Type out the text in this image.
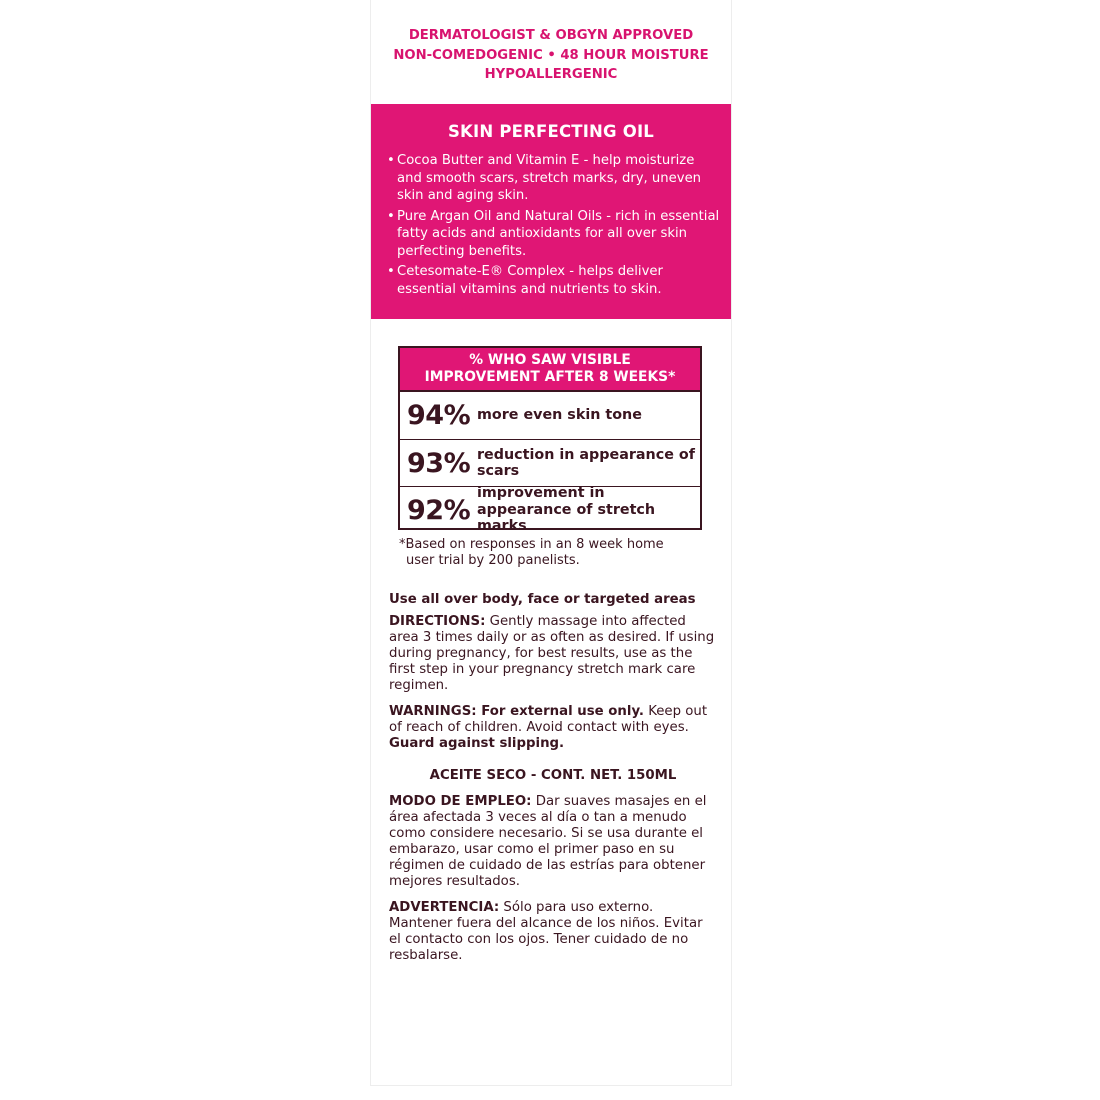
DERMATOLOGIST & OBGYN APPROVED
NON-COMEDOGENIC • 48 HOUR MOISTURE
HYPOALLERGENIC
SKIN PERFECTING OIL
• Cocoa Butter and Vitamin E - help moisturize and smooth scars, stretch marks, dry, uneven skin and aging skin.
• Pure Argan Oil and Natural Oils - rich in essential fatty acids and antioxidants for all over skin perfecting benefits.
• Cetesomate-E® Complex - helps deliver essential vitamins and nutrients to skin.
% WHO SAW VISIBLE
IMPROVEMENT AFTER 8 WEEKS*
94% more even skin tone
93% reduction in appearance of scars
92%
improvement in appearance of stretch marks
*Based on responses in an 8 week home
user trial by 200 panelists.

Use all over body, face or targeted areas

DIRECTIONS: Gently massage into affected area 3 times daily or as often as desired. If using during pregnancy, for best results, use as the first step in your pregnancy stretch mark care regimen.

WARNINGS: For external use only. Keep out of reach of children. Avoid contact with eyes. Guard against slipping.

ACEITE SECO - CONT. NET. 150ML

MODO DE EMPLEO: Dar suaves masajes en el área afectada 3 veces al día o tan a menudo como considere necesario. Si se usa durante el embarazo, usar como el primer paso en su régimen de cuidado de las estrías para obtener mejores resultados.

ADVERTENCIA: Sólo para uso externo. Mantener fuera del alcance de los niños. Evitar el contacto con los ojos. Tener cuidado de no resbalarse.
